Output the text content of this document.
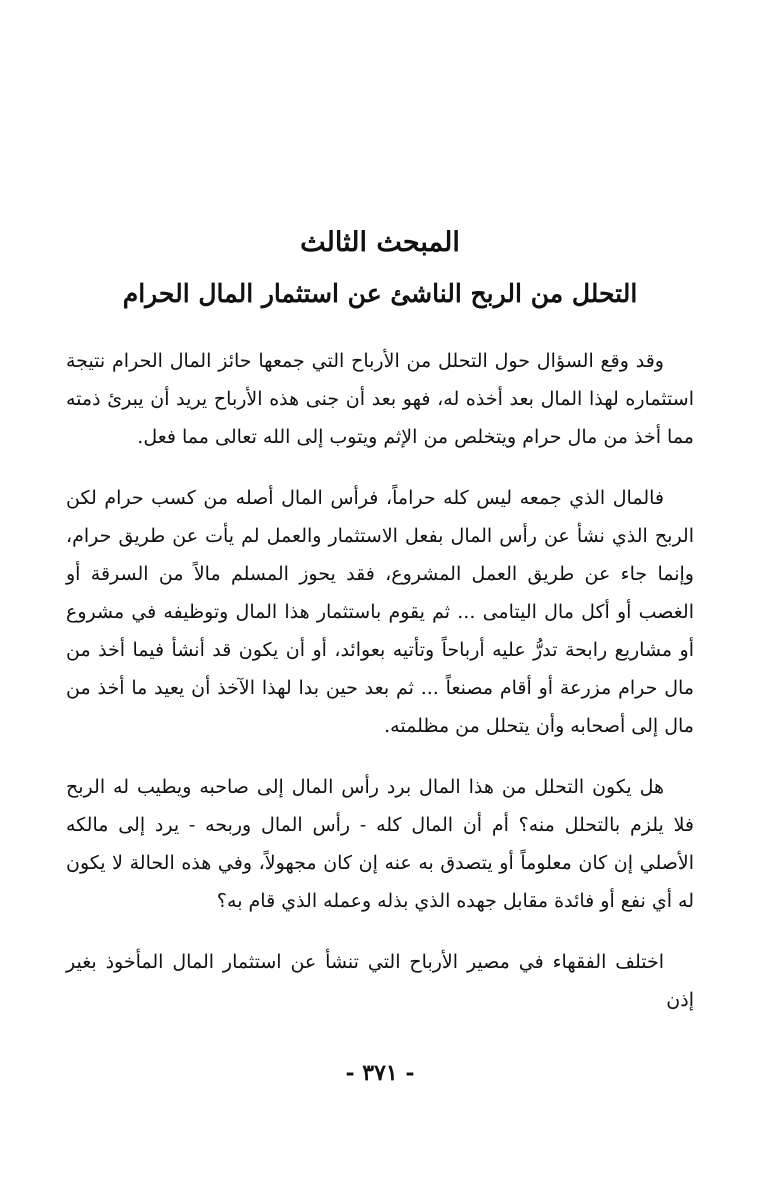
المبحث الثالث
التحلل من الربح الناشئ عن استثمار المال الحرام

وقد وقع السؤال حول التحلل من الأرباح التي جمعها حائز المال الحرام نتيجة استثماره لهذا المال بعد أخذه له، فهو بعد أن جنى هذه الأرباح يريد أن يبرئ ذمته مما أخذ من مال حرام ويتخلص من الإثم ويتوب إلى الله تعالى مما فعل.

فالمال الذي جمعه ليس كله حراماً، فرأس المال أصله من كسب حرام لكن الربح الذي نشأ عن رأس المال بفعل الاستثمار والعمل لم يأت عن طريق حرام، وإنما جاء عن طريق العمل المشروع، فقد يحوز المسلم مالاً من السرقة أو الغصب أو أكل مال اليتامى ... ثم يقوم باستثمار هذا المال وتوظيفه في مشروع أو مشاريع رابحة تدرُّ عليه أرباحاً وتأتيه بعوائد، أو أن يكون قد أنشأ فيما أخذ من مال حرام مزرعة أو أقام مصنعاً ... ثم بعد حين بدا لهذا الآخذ أن يعيد ما أخذ من مال إلى أصحابه وأن يتحلل من مظلمته.

هل يكون التحلل من هذا المال برد رأس المال إلى صاحبه ويطيب له الربح فلا يلزم بالتحلل منه؟ أم أن المال كله - رأس المال وربحه - يرد إلى مالكه الأصلي إن كان معلوماً أو يتصدق به عنه إن كان مجهولاً، وفي هذه الحالة لا يكون له أي نفع أو فائدة مقابل جهده الذي بذله وعمله الذي قام به؟

اختلف الفقهاء في مصير الأرباح التي تنشأ عن استثمار المال المأخوذ بغير إذن

- ٣٧١ -
